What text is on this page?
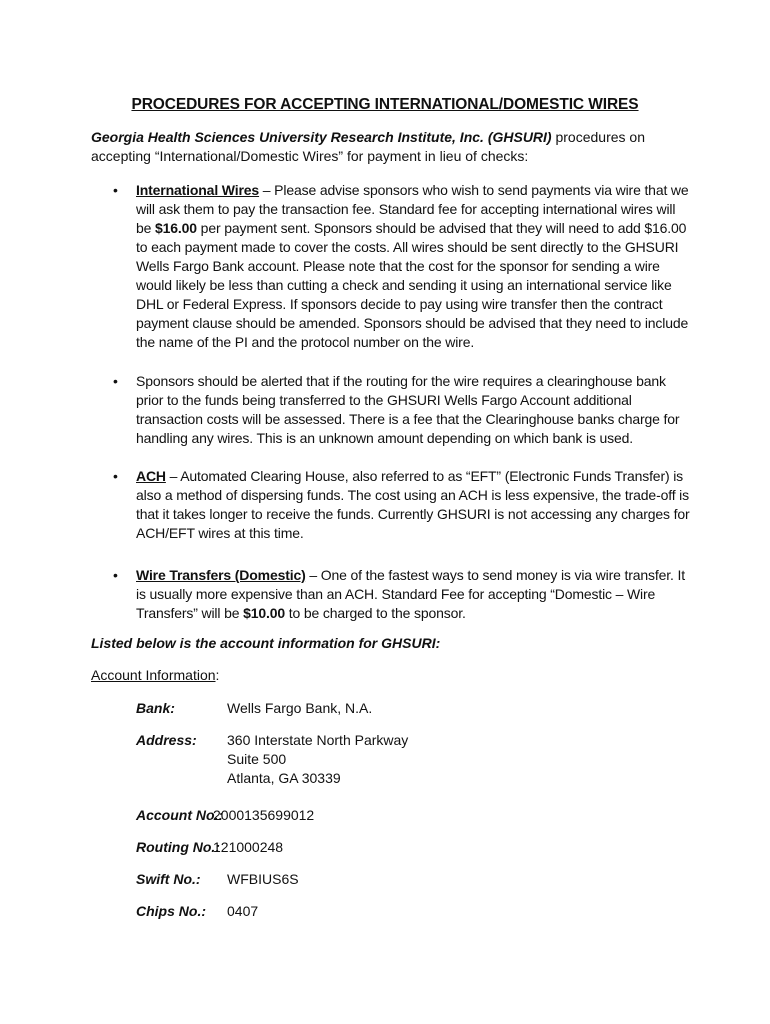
PROCEDURES FOR ACCEPTING INTERNATIONAL/DOMESTIC WIRES
Georgia Health Sciences University Research Institute, Inc. (GHSURI) procedures on accepting “International/Domestic Wires” for payment in lieu of checks:
• International Wires – Please advise sponsors who wish to send payments via wire that we will ask them to pay the transaction fee. Standard fee for accepting international wires will be $16.00 per payment sent. Sponsors should be advised that they will need to add $16.00 to each payment made to cover the costs. All wires should be sent directly to the GHSURI Wells Fargo Bank account. Please note that the cost for the sponsor for sending a wire would likely be less than cutting a check and sending it using an international service like DHL or Federal Express. If sponsors decide to pay using wire transfer then the contract payment clause should be amended. Sponsors should be advised that they need to include the name of the PI and the protocol number on the wire.
• Sponsors should be alerted that if the routing for the wire requires a clearinghouse bank prior to the funds being transferred to the GHSURI Wells Fargo Account additional transaction costs will be assessed. There is a fee that the Clearinghouse banks charge for handling any wires. This is an unknown amount depending on which bank is used.
• ACH – Automated Clearing House, also referred to as “EFT” (Electronic Funds Transfer) is also a method of dispersing funds. The cost using an ACH is less expensive, the trade-off is that it takes longer to receive the funds. Currently GHSURI is not accessing any charges for ACH/EFT wires at this time.
• Wire Transfers (Domestic) – One of the fastest ways to send money is via wire transfer. It is usually more expensive than an ACH. Standard Fee for accepting “Domestic – Wire Transfers” will be $10.00 to be charged to the sponsor.
Listed below is the account information for GHSURI:
Account Information:
Bank:	Wells Fargo Bank, N.A.
Address: 360 Interstate North Parkway
Suite 500
Atlanta, GA 30339
Account No.:
2000135699012
Routing No.:
121000248
Swift No.: WFBIUS6S
Chips No.: 0407
